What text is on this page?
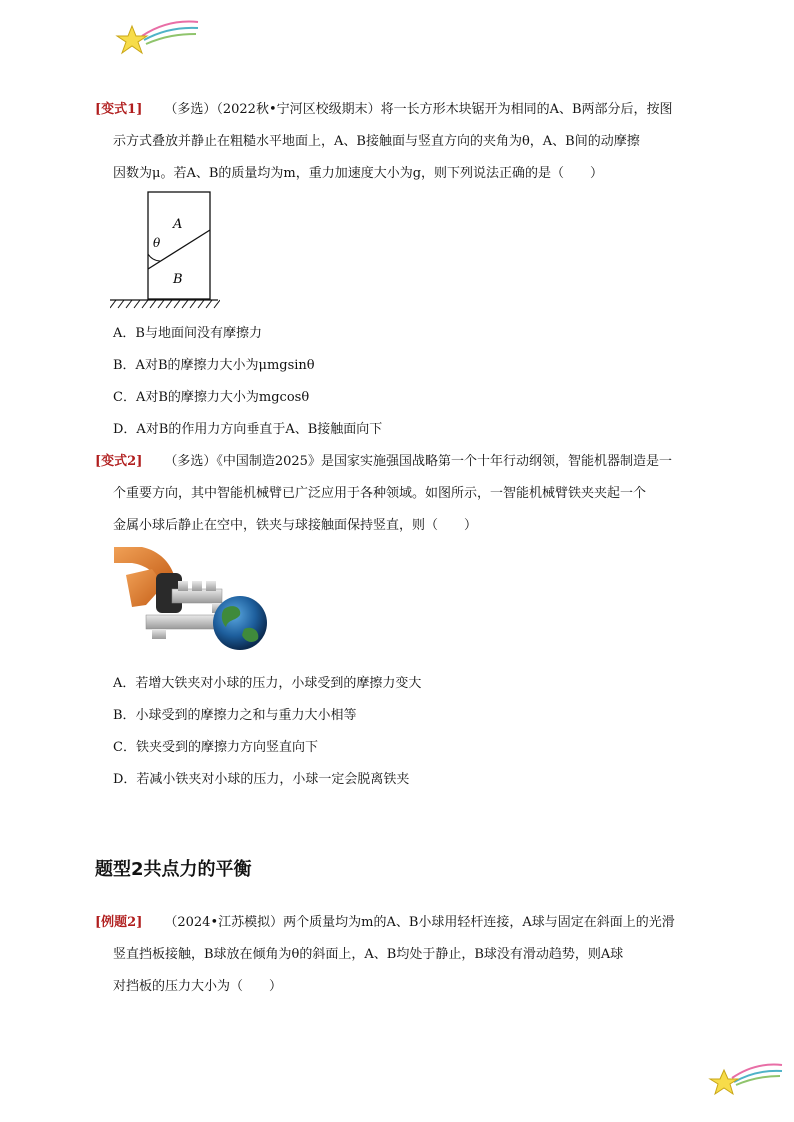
[变式1] （多选）（2022秋•宁河区校级期末）将一长方形木块锯开为相同的A、B两部分后，按图
示方式叠放并静止在粗糙水平地面上，A、B接触面与竖直方向的夹角为θ，A、B间的动摩擦
因数为μ。若A、B的质量均为m，重力加速度大小为g，则下列说法正确的是（　　）
A
θ
B
A．B与地面间没有摩擦力
B．A对B的摩擦力大小为μmgsinθ
C．A对B的摩擦力大小为mgcosθ
D．A对B的作用力方向垂直于A、B接触面向下
[变式2] （多选）《中国制造2025》是国家实施强国战略第一个十年行动纲领，智能机器制造是一
个重要方向，其中智能机械臂已广泛应用于各种领域。如图所示，一智能机械臂铁夹夹起一个
金属小球后静止在空中，铁夹与球接触面保持竖直，则（　　）
A．若增大铁夹对小球的压力，小球受到的摩擦力变大
B．小球受到的摩擦力之和与重力大小相等
C．铁夹受到的摩擦力方向竖直向下
D．若减小铁夹对小球的压力，小球一定会脱离铁夹
题型2共点力的平衡
[例题2] （2024•江苏模拟）两个质量均为m的A、B小球用轻杆连接，A球与固定在斜面上的光滑
竖直挡板接触，B球放在倾角为θ的斜面上，A、B均处于静止，B球没有滑动趋势，则A球
对挡板的压力大小为（　　）
